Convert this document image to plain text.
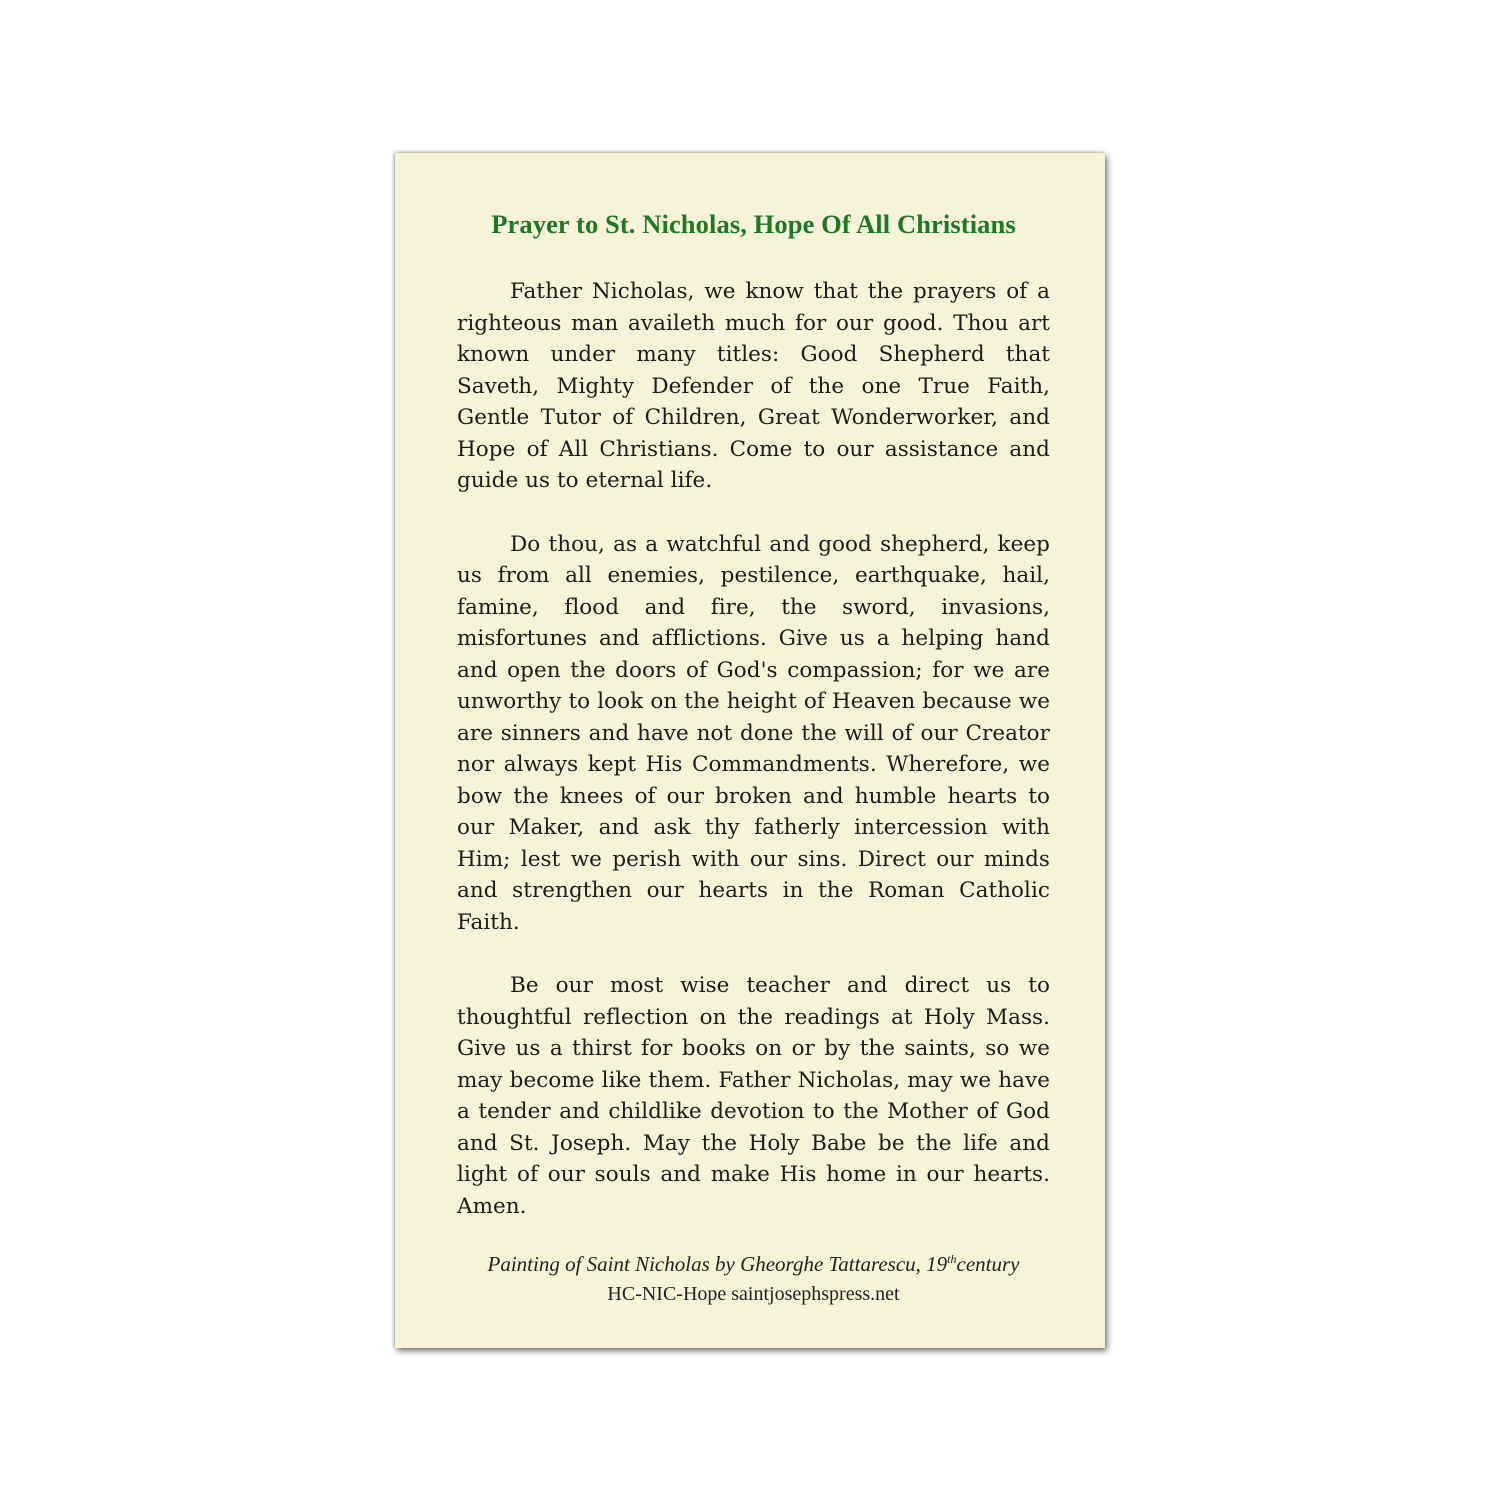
Prayer to St. Nicholas, Hope Of All Christians

Father Nicholas, we know that the prayers of a righteous man availeth much for our good. Thou art known under many titles: Good Shepherd that Saveth, Mighty Defender of the one True Faith, Gentle Tutor of Children, Great Wonderworker, and Hope of All Christians. Come to our assistance and guide us to eternal life.

Do thou, as a watchful and good shepherd, keep us from all enemies, pestilence, earthquake, hail, famine, flood and fire, the sword, invasions, misfortunes and afflictions. Give us a helping hand and open the doors of God's compassion; for we are unworthy to look on the height of Heaven because we are sinners and have not done the will of our Creator nor always kept His Commandments. Wherefore, we bow the knees of our broken and humble hearts to our Maker, and ask thy fatherly intercession with Him; lest we perish with our sins. Direct our minds and strengthen our hearts in the Roman Catholic Faith.

Be our most wise teacher and direct us to thoughtful reflection on the readings at Holy Mass. Give us a thirst for books on or by the saints, so we may become like them. Father Nicholas, may we have a tender and childlike devotion to the Mother of God and St. Joseph. May the Holy Babe be the life and light of our souls and make His home in our hearts. Amen.

Painting of Saint Nicholas by Gheorghe Tattarescu, 19thcentury

HC-NIC-Hope saintjosephspress.net
